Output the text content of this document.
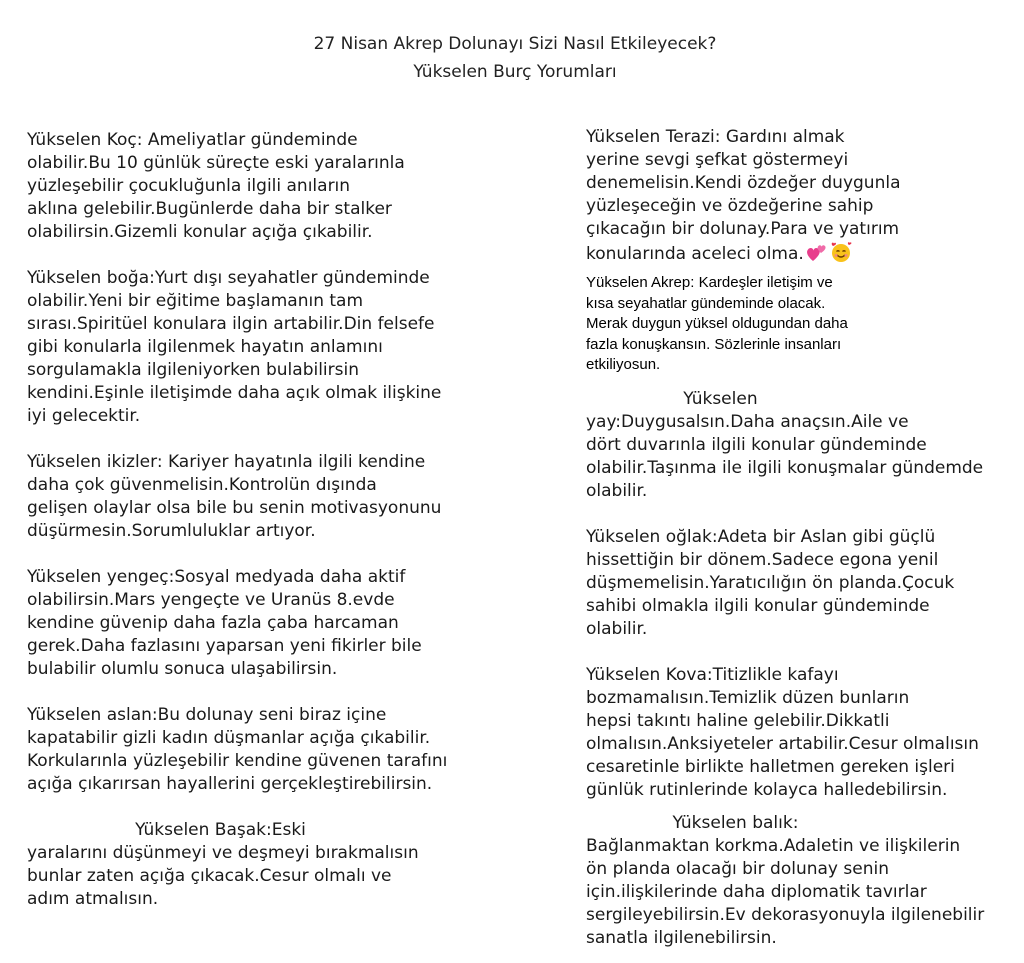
27 Nisan Akrep Dolunayı Sizi Nasıl Etkileyecek?
Yükselen Burç Yorumları

Yükselen Koç: Ameliyatlar gündeminde
olabilir.Bu 10 günlük süreçte eski yaralarınla
yüzleşebilir çocukluğunla ilgili anıların
aklına gelebilir.Bugünlerde daha bir stalker
olabilirsin.Gizemli konular açığa çıkabilir.

Yükselen boğa:Yurt dışı seyahatler gündeminde
olabilir.Yeni bir eğitime başlamanın tam
sırası.Spiritüel konulara ilgin artabilir.Din felsefe
gibi konularla ilgilenmek hayatın anlamını
sorgulamakla ilgileniyorken bulabilirsin
kendini.Eşinle iletişimde daha açık olmak ilişkine
iyi gelecektir.

Yükselen ikizler: Kariyer hayatınla ilgili kendine
daha çok güvenmelisin.Kontrolün dışında
gelişen olaylar olsa bile bu senin motivasyonunu
düşürmesin.Sorumluluklar artıyor.

Yükselen yengeç:Sosyal medyada daha aktif
olabilirsin.Mars yengeçte ve Uranüs 8.evde
kendine güvenip daha fazla çaba harcaman
gerek.Daha fazlasını yaparsan yeni fikirler bile
bulabilir olumlu sonuca ulaşabilirsin.

Yükselen aslan:Bu dolunay seni biraz içine
kapatabilir gizli kadın düşmanlar açığa çıkabilir.
Korkularınla yüzleşebilir kendine güvenen tarafını
açığa çıkarırsan hayallerini gerçekleştirebilirsin.

Yükselen Başak:Eski
yaralarını düşünmeyi ve deşmeyi bırakmalısın
bunlar zaten açığa çıkacak.Cesur olmalı ve
adım atmalısın.

Yükselen Terazi: Gardını almak
yerine sevgi şefkat göstermeyi
denemelisin.Kendi özdeğer duygunla
yüzleşeceğin ve özdeğerine sahip
çıkacağın bir dolunay.Para ve yatırım
konularında aceleci olma.

Yükselen Akrep: Kardeşler iletişim ve
kısa seyahatlar gündeminde olacak.
Merak duygun yüksel oldugundan daha
fazla konuşkansın. Sözlerinle insanları
etkiliyosun.

Yükselen
yay:Duygusalsın.Daha anaçsın.Aile ve
dört duvarınla ilgili konular gündeminde
olabilir.Taşınma ile ilgili konuşmalar gündemde
olabilir.

Yükselen oğlak:Adeta bir Aslan gibi güçlü
hissettiğin bir dönem.Sadece egona yenil
düşmemelisin.Yaratıcılığın ön planda.Çocuk
sahibi olmakla ilgili konular gündeminde
olabilir.

Yükselen Kova:Titizlikle kafayı
bozmamalısın.Temizlik düzen bunların
hepsi takıntı haline gelebilir.Dikkatli
olmalısın.Anksiyeteler artabilir.Cesur olmalısın
cesaretinle birlikte halletmen gereken işleri
günlük rutinlerinde kolayca halledebilirsin.

Yükselen balık:
Bağlanmaktan korkma.Adaletin ve ilişkilerin
ön planda olacağı bir dolunay senin
için.ilişkilerinde daha diplomatik tavırlar
sergileyebilirsin.Ev dekorasyonuyla ilgilenebilir
sanatla ilgilenebilirsin.
